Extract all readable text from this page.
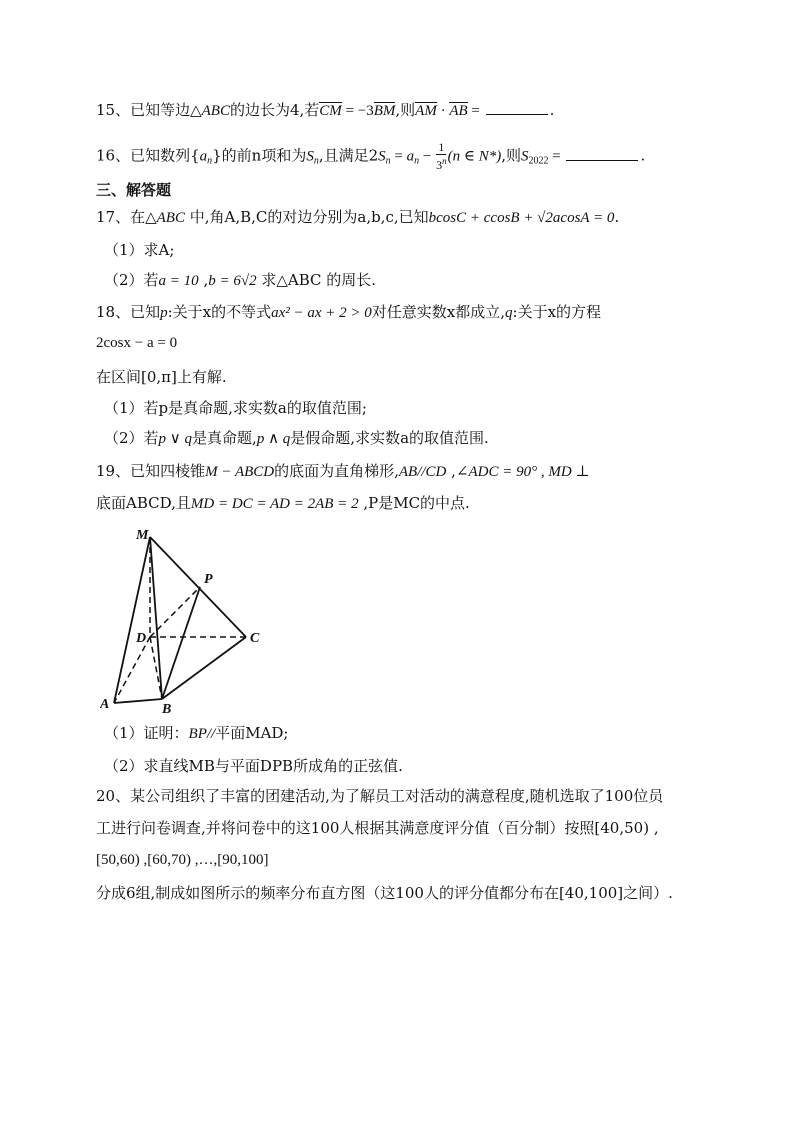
15、已知等边△ABC的边长为4,若CM = −3BM,则AM · AB =	.
16、已知数列$\{a_n\}$的前n项和为$S_n$,且满足$2S_n = a_n - \frac{1}{3^n} (n$ ∈ N*),则$S_{2022}$ =	.
三、解答题
17、在△ABC 中,角A,B,C的对边分别为a,b,c,已知bcosC + ccosB + √2acosA = 0.
（1）求A;
（2）若a = 10 ,b = 6√2 求△ABC 的周长.
18、已知p:关于x的不等式ax² − ax + 2 > 0对任意实数x都成立,q:关于x的方程
2cosx − a = 0
在区间[0,π]上有解.
（1）若p是真命题,求实数a的取值范围;
（2）若p ∨ q是真命题,p ∧ q是假命题,求实数a的取值范围.
19、已知四棱锥M − ABCD的底面为直角梯形,AB//CD ,∠ADC = 90° , MD ⊥
底面ABCD,且MD = DC = AD = 2AB = 2 ,P是MC的中点.
M
P
D	C
A	B
（1）证明：BP//平面MAD;
（2）求直线MB与平面DPB所成角的正弦值.
20、某公司组织了丰富的团建活动,为了解员工对活动的满意程度,随机选取了100位员
工进行问卷调查,并将问卷中的这100人根据其满意度评分值（百分制）按照[40,50) ,
[50,60) ,[60,70) ,…,[90,100]
分成6组,制成如图所示的频率分布直方图（这100人的评分值都分布在[40,100]之间）.
